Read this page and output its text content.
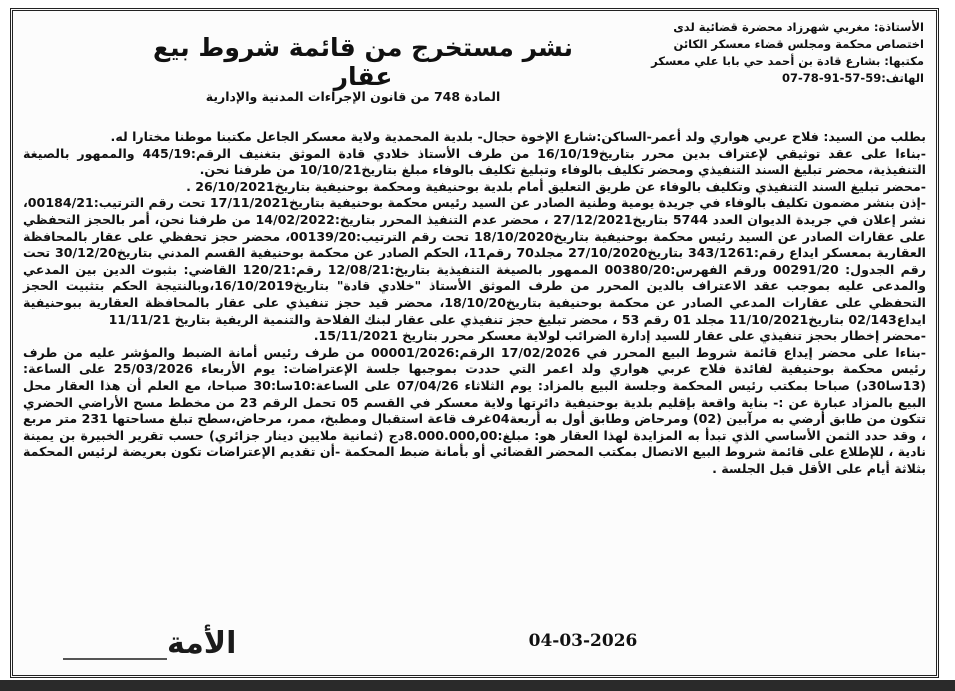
الأستاذة: مغربي شهرزاد محضرة قضائية لدى
اختصاص محكمة ومجلس قضاء معسكر الكائن
مكتبها: بشارع قادة بن أحمد حي بابا علي معسكر
الهاتف:59-57-91-78-07
نشر مستخرج من قائمة شروط بيع عقار
المادة 748 من قانون الإجراءات المدنية والإدارية

بطلب من السيد: فلاح عربي هواري ولد أعمر-الساكن:شارع الإخوة حجال- بلدية المحمدية ولاية معسكر الجاعل مكتبنا موطنا مختارا له.

-بناءا على عقد توثيقي لإعتراف بدين محرر بتاريخ16/10/19 من طرف الأستاذ خلادي قادة الموثق بتغنيف الرقم:445/19 والممهور بالصيغة التنفيذية، محضر تبليغ السند التنفيذي ومحضر تكليف بالوفاء وتبليغ تكليف بالوفاء مبلغ بتاريخ10/10/21 من طرفنا نحن.

-محضر تبليغ السند التنفيذي وتكليف بالوفاء عن طريق التعليق أمام بلدية بوحنيفية ومحكمة بوحنيفية بتاريخ26/10/2021 .

-إذن بنشر مضمون تكليف بالوفاء في جريدة يومية وطنية الصادر عن السيد رئيس محكمة بوحنيفية بتاريخ17/11/2021 تحت رقم الترتيب:00184/21، نشر إعلان في جريدة الديوان العدد 5744 بتاريخ27/12/2021 ، محضر عدم التنفيذ المحرر بتاريخ:14/02/2022 من طرفنا نحن، أمر بالحجز التحفظي على عقارات الصادر عن السيد رئيس محكمة بوحنيفية بتاريخ18/10/2020 تحت رقم الترتيب:00139/20، محضر حجز تحفظي على عقار بالمحافظة العقارية بمعسكر ايداع رقم:343/1261 بتاريخ27/10/2020 مجلد70 رقم11، الحكم الصادر عن محكمة بوحنيفية القسم المدني بتاريخ30/12/20 تحت رقم الجدول: 00291/20 ورقم الفهرس:00380/20 الممهور بالصيغة التنفيذية بتاريخ:12/08/21 رقم:120/21 القاضي: بثبوت الدين بين المدعي والمدعى عليه بموجب عقد الاعتراف بالدين المحرر من طرف الموثق الأستاذ "خلادي قادة" بتاريخ16/10/2019،وبالنتيجة الحكم بتثبيت الحجز التحفظي على عقارات المدعي الصادر عن محكمة بوحنيفية بتاريخ18/10/20، محضر قيد حجز تنفيذي على عقار بالمحافظة العقارية ببوحنيفية ايداع02/143 بتاريخ11/10/2021 مجلد 01 رقم 53 ، محضر تبليغ حجز تنفيذي على عقار لبنك الفلاحة والتنمية الريفية بتاريخ 11/11/21

-محضر إخطار بحجز تنفيذي على عقار للسيد إدارة الضرائب لولاية معسكر محرر بتاريخ 15/11/2021.

-بناءا على محضر إيداع قائمة شروط البيع المحرر في 17/02/2026 الرقم:00001/2026 من طرف رئيس أمانة الضبط والمؤشر عليه من طرف رئيس محكمة بوحنيفية لفائدة فلاح عربي هواري ولد اعمر التي حددت بموجبها جلسة الإعتراضات: يوم الأربعاء 25/03/2026 على الساعة:(13سا30د) صباحا بمكتب رئيس المحكمة وجلسة البيع بالمزاد: يوم الثلاثاء 07/04/26 على الساعة:10سا:30 صباحا، مع العلم أن هذا العقار محل البيع بالمزاد عبارة عن :- بناية واقعة بإقليم بلدية بوحنيفية دائرتها ولاية معسكر في القسم 05 تحمل الرقم 23 من مخطط مسح الأراضي الحضري تتكون من طابق أرضي به مرآبين (02) ومرحاض وطابق أول به أربعة04غرف قاعة استقبال ومطبخ، ممر، مرحاض،سطح تبلغ مساحتها 231 متر مربع ، وقد حدد الثمن الأساسي الذي تبدأ به المزايدة لهذا العقار هو: مبلغ:8.000.000,00دج (ثمانية ملايين دينار جزائري) حسب تقرير الخبيرة بن يمينة نادية ، للإطلاع على قائمة شروط البيع الاتصال بمكتب المحضر القضائي أو بأمانة ضبط المحكمة -أن تقديم الإعتراضات تكون بعريضة لرئيس المحكمة بثلاثة أيام على الأقل قبل الجلسة .

04-03-2026
الأمة
